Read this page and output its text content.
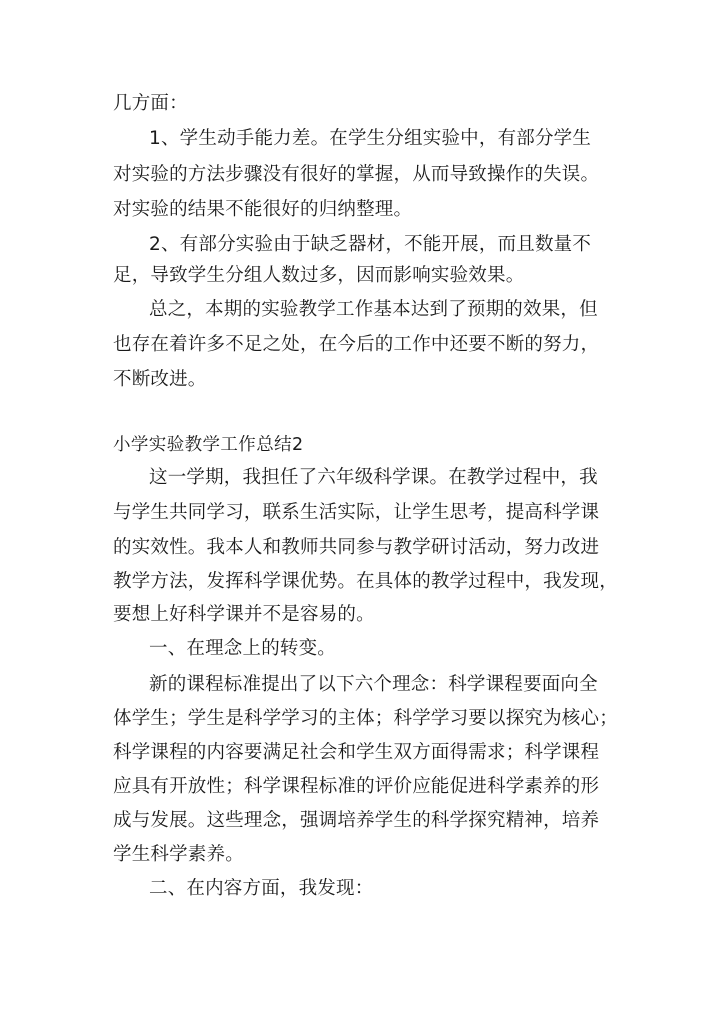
几方面：
1、学生动手能力差。在学生分组实验中，有部分学生
对实验的方法步骤没有很好的掌握，从而导致操作的失误。
对实验的结果不能很好的归纳整理。
2、有部分实验由于缺乏器材，不能开展，而且数量不
足，导致学生分组人数过多，因而影响实验效果。
总之，本期的实验教学工作基本达到了预期的效果，但
也存在着许多不足之处，在今后的工作中还要不断的努力，
不断改进。
小学实验教学工作总结2
这一学期，我担任了六年级科学课。在教学过程中，我
与学生共同学习，联系生活实际，让学生思考，提高科学课
的实效性。我本人和教师共同参与教学研讨活动，努力改进
教学方法，发挥科学课优势。在具体的教学过程中，我发现，
要想上好科学课并不是容易的。
一、在理念上的转变。
新的课程标准提出了以下六个理念：科学课程要面向全
体学生；学生是科学学习的主体；科学学习要以探究为核心；
科学课程的内容要满足社会和学生双方面得需求；科学课程
应具有开放性；科学课程标准的评价应能促进科学素养的形
成与发展。这些理念，强调培养学生的科学探究精神，培养
学生科学素养。
二、在内容方面，我发现：
